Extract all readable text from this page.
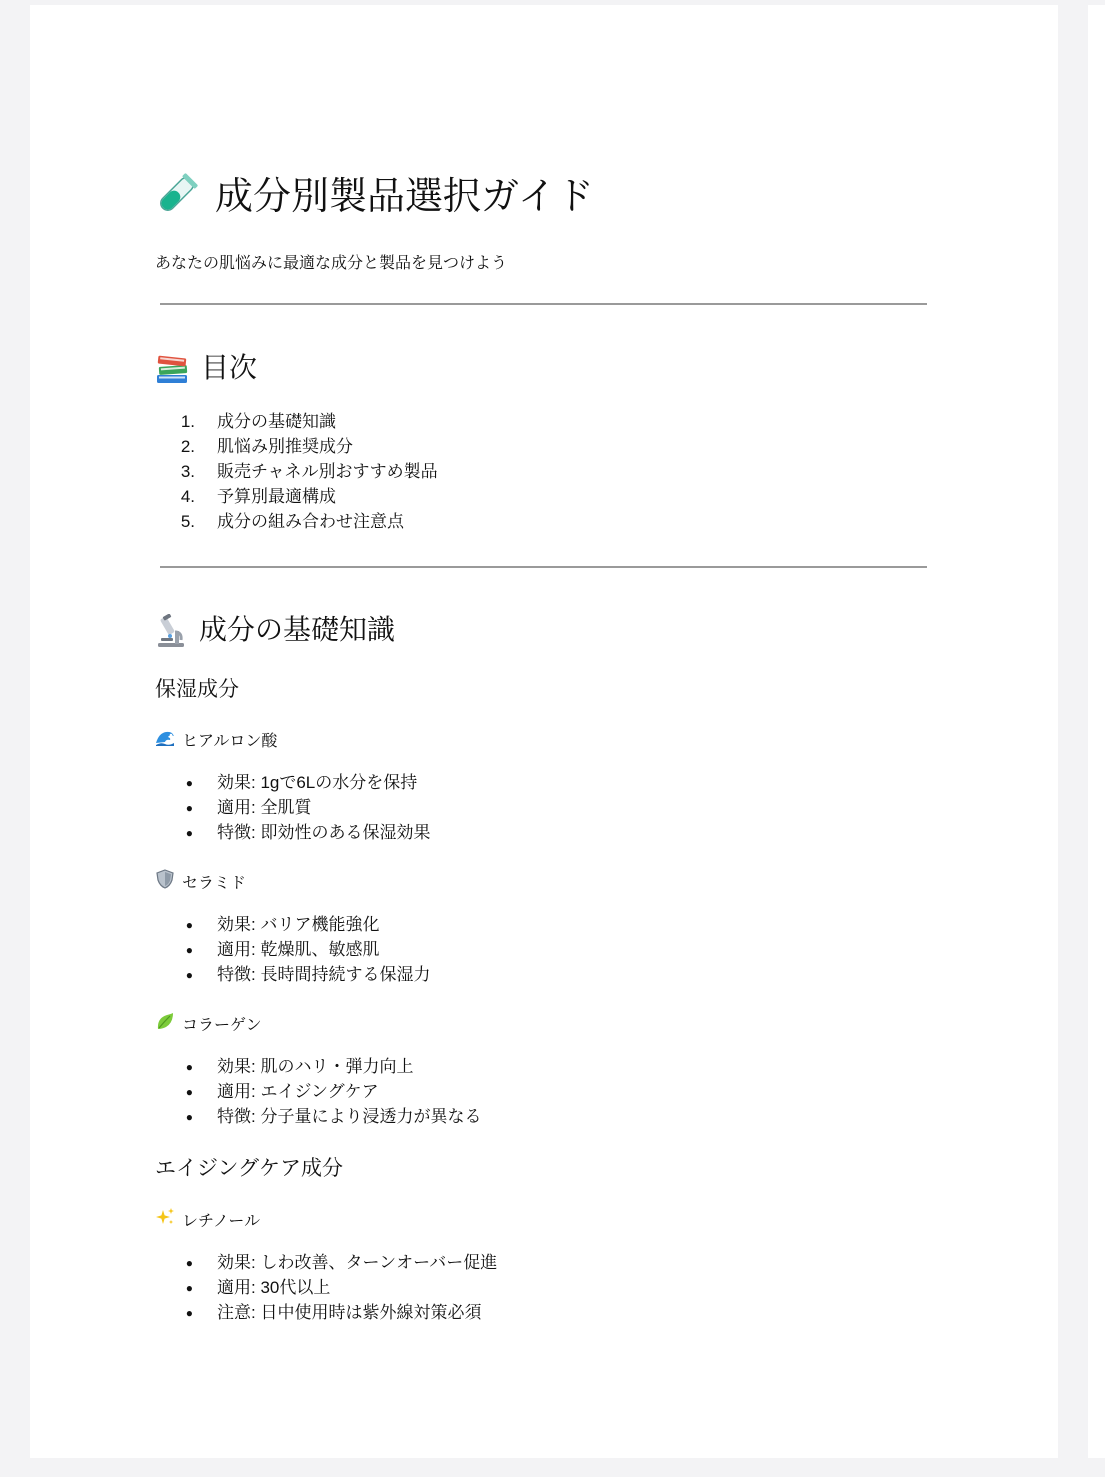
成分別製品選択ガイド
あなたの肌悩みに最適な成分と製品を見つけよう
目次
1. 成分の基礎知識
2. 肌悩み別推奨成分
3. 販売チャネル別おすすめ製品
4. 予算別最適構成
5. 成分の組み合わせ注意点
成分の基礎知識
保湿成分
ヒアルロン酸
● 効果: 1gで6Lの水分を保持
● 適用: 全肌質
● 特徴: 即効性のある保湿効果
セラミド
● 効果: バリア機能強化
● 適用: 乾燥肌、敏感肌
● 特徴: 長時間持続する保湿力
コラーゲン
● 効果: 肌のハリ・弾力向上
● 適用: エイジングケア
● 特徴: 分子量により浸透力が異なる
エイジングケア成分
レチノール
● 効果: しわ改善、ターンオーバー促進
● 適用: 30代以上
● 注意: 日中使用時は紫外線対策必須
